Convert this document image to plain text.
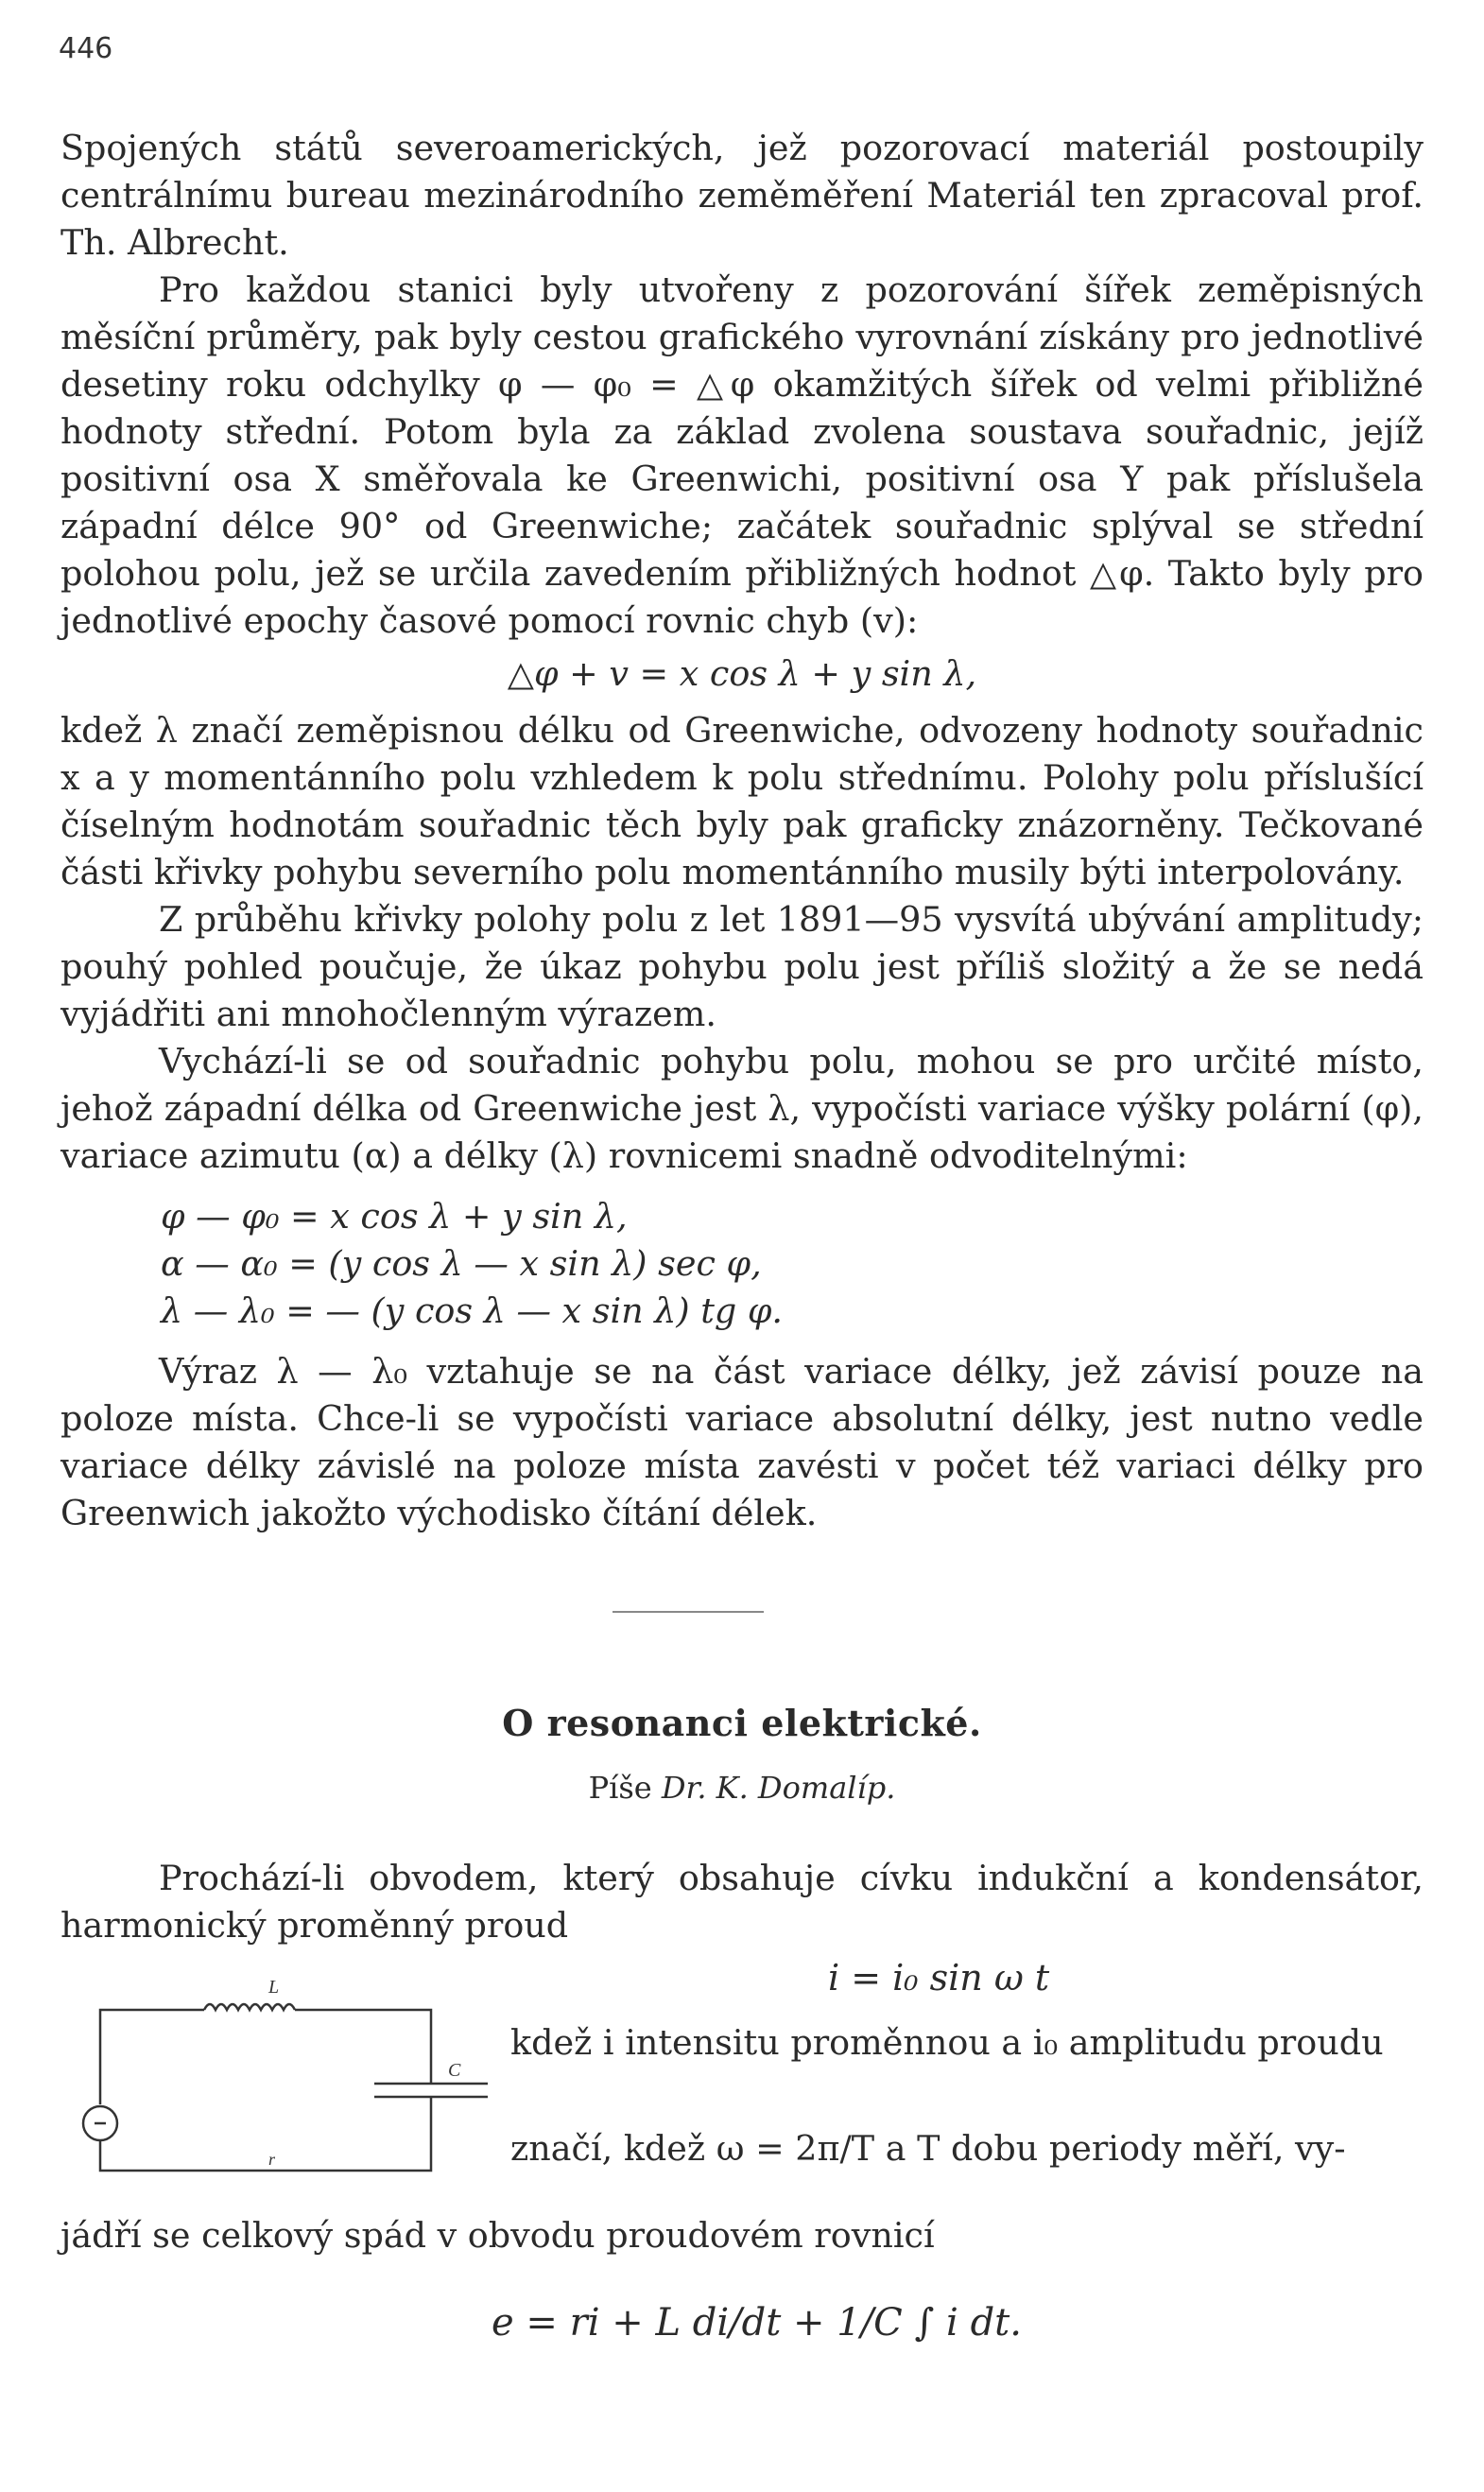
446

Spojených států severoamerických, jež pozorovací materiál postoupily centrálnímu bureau mezinárodního zeměměření Materiál ten zpracoval prof. Th. Albrecht.

Pro každou stanici byly utvořeny z pozorování šířek zeměpisných měsíční průměry, pak byly cestou grafického vyrovnání získány pro jednotlivé desetiny roku odchylky φ — φ₀ = △φ okamžitých šířek od velmi přibližné hodnoty střední. Potom byla za základ zvolena soustava souřadnic, jejíž positivní osa X směřovala ke Greenwichi, positivní osa Y pak příslušela západní délce 90° od Greenwiche; začátek souřadnic splýval se střední polohou polu, jež se určila zavedením přibližných hodnot △φ. Takto byly pro jednotlivé epochy časové pomocí rovnic chyb (v):

△φ + v = x cos λ + y sin λ,

kdež λ značí zeměpisnou délku od Greenwiche, odvozeny hodnoty souřadnic x a y momentánního polu vzhledem k polu střednímu. Polohy polu příslušící číselným hodnotám souřadnic těch byly pak graficky znázorněny. Tečkované části křivky pohybu severního polu momentánního musily býti interpolovány.

Z průběhu křivky polohy polu z let 1891—95 vysvítá ubývání amplitudy; pouhý pohled poučuje, že úkaz pohybu polu jest příliš složitý a že se nedá vyjádřiti ani mnohočlenným výrazem.

Vychází-li se od souřadnic pohybu polu, mohou se pro určité místo, jehož západní délka od Greenwiche jest λ, vypočísti variace výšky polární (φ), variace azimutu (α) a délky (λ) rovnicemi snadně odvoditelnými:

φ — φ₀ = x cos λ + y sin λ,
α — α₀ = (y cos λ — x sin λ) sec φ,
λ — λ₀ = — (y cos λ — x sin λ) tg φ.

Výraz λ — λ₀ vztahuje se na část variace délky, jež závisí pouze na poloze místa. Chce-li se vypočísti variace absolutní délky, jest nutno vedle variace délky závislé na poloze místa zavésti v počet též variaci délky pro Greenwich jakožto východisko čítání délek.

O resonanci elektrické.
Píše Dr. K. Domalíp.

Prochází-li obvodem, který obsahuje cívku indukční a kondensátor, harmonický proměnný proud

i = i₀ sin ω t
L
C
r
kdež i intensitu proměnnou a i₀ amplitudu proudu
značí, kdež ω = 2π/T a T dobu periody měří, vy-
jádří se celkový spád v obvodu proudovém rovnicí
e = ri + L di/dt + 1/C ∫ i dt.
